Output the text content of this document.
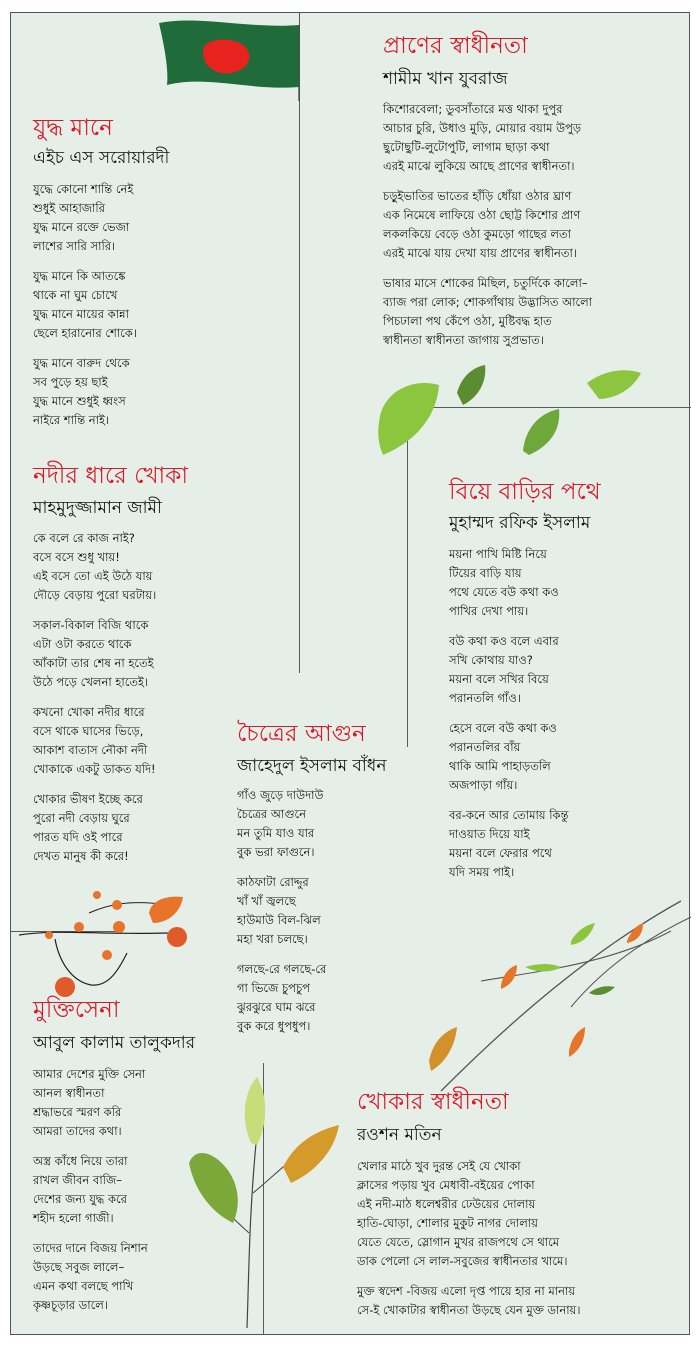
প্রাণের স্বাধীনতা

শামীম খান যুবরাজ

কিশোরবেলা; ডুবসাঁতারে মত্ত থাকা দুপুর
আচার চুরি, উধাও মুড়ি, মোয়ার বয়াম উপুড়
ছুটোছুটি-লুটোপুটি, লাগাম ছাড়া কথা
এরই মাঝে লুকিয়ে আছে প্রাণের স্বাধীনতা।

চড়ুইভাতির ভাতের হাঁড়ি ধোঁয়া ওঠার ঘ্রাণ
এক নিমেষে লাফিয়ে ওঠা ছোট্ট কিশোর প্রাণ
লকলকিয়ে বেড়ে ওঠা কুমড়ো গাছের লতা
এরই মাঝে যায় দেখা যায় প্রাণের স্বাধীনতা।

ভাষার মাসে শোকের মিছিল, চতুর্দিকে কালো–
ব্যাজ পরা লোক; শোকগাঁথায় উদ্ভাসিত আলো
পিচঢালা পথ কেঁপে ওঠা, মুষ্টিবদ্ধ হাত
স্বাধীনতা স্বাধীনতা জাগায় সুপ্রভাত।

যুদ্ধ মানে

এইচ এস সরোয়ারদী

যুদ্ধে কোনো শান্তি নেই
শুধুই আহাজারি
যুদ্ধ মানে রক্তে ভেজা
লাশের সারি সারি।

যুদ্ধ মানে কি আতঙ্কে
থাকে না ঘুম চোখে
যুদ্ধ মানে মায়ের কান্না
ছেলে হারানোর শোকে।

যুদ্ধ মানে বারুদ থেকে
সব পুড়ে হয় ছাই
যুদ্ধ মানে শুধুই ধ্বংস
নাইরে শান্তি নাই।

নদীর ধারে খোকা

মাহমুদুজ্জামান জামী

কে বলে রে কাজ নাই?
বসে বসে শুধু খায়!
এই বসে তো এই উঠে যায়
দৌড়ে বেড়ায় পুরো ঘরটায়।

সকাল-বিকাল বিজি থাকে
এটা ওটা করতে থাকে
আঁকাটা তার শেষ না হতেই
উঠে পড়ে খেলনা হাতেই।

কখনো খোকা নদীর ধারে
বসে থাকে ঘাসের ভিড়ে,
আকাশ বাতাস নৌকা নদী
খোকাকে একটু ডাকত যদি!

খোকার ভীষণ ইচ্ছে করে
পুরো নদী বেড়ায় ঘুরে
পারত যদি ওই পারে
দেখত মানুষ কী করে!

বিয়ে বাড়ির পথে

মুহাম্মদ রফিক ইসলাম

ময়না পাখি মিষ্টি নিয়ে
টিয়ের বাড়ি যায়
পথে যেতে বউ কথা কও
পাখির দেখা পায়।

বউ কথা কও বলে এবার
সখি কোথায় যাও?
ময়না বলে সখির বিয়ে
পরানতলি গাঁও।

হেসে বলে বউ কথা কও
পরানতলির বাঁয়
থাকি আমি পাহাড়তলি
অজপাড়া গাঁয়।

বর-কনে আর তোমায় কিন্তু
দাওয়াত দিয়ে যাই
ময়না বলে ফেরার পথে
যদি সময় পাই।

চৈত্রের আগুন

জাহেদুল ইসলাম বাঁধন

গাঁও জুড়ে দাউদাউ
চৈত্রের আগুনে
মন তুমি যাও যার
বুক ভরা ফাগুনে।

কাঠফাটা রোদ্দুর
খাঁ খাঁ জ্বলছে
হাউমাউ বিল-ঝিল
মহা খরা চলছে।

গলছে-রে গলছে-রে
গা ভিজে চুপচুপ
ঝুরঝুরে ঘাম ঝরে
বুক করে ধুপধুপ।

মুক্তিসেনা

আবুল কালাম তালুকদার

আমার দেশের মুক্তি সেনা
আনল স্বাধীনতা
শ্রদ্ধাভরে স্মরণ করি
আমরা তাদের কথা।

অস্ত্র কাঁধে নিয়ে তারা
রাখল জীবন বাজি–
দেশের জন্য যুদ্ধ করে
শহীদ হলো গাজী।

তাদের দানে বিজয় নিশান
উড়ছে সবুজ লালে–
এমন কথা বলছে পাখি
কৃষ্ণচূড়ার ডালে।

খোকার স্বাধীনতা

রওশন মতিন

খেলার মাঠে খুব দুরন্ত সেই যে খোকা
ক্লাসের পড়ায় খুব মেধাবী-বইয়ের পোকা
এই নদী-মাঠ ধলেশ্বরীর ঢেউয়ের দোলায়
হাতি-ঘোড়া, শোলার মুকুট নাগর দোলায়
যেতে যেতে, স্লোগান মুখর রাজপথে সে থামে
ডাক পেলো সে লাল-সবুজের স্বাধীনতার খামে।

মুক্ত স্বদেশ -বিজয় এলো দৃপ্ত পায়ে হার না মানায়
সে-ই খোকাটার স্বাধীনতা উড়ছে যেন মুক্ত ডানায়।
